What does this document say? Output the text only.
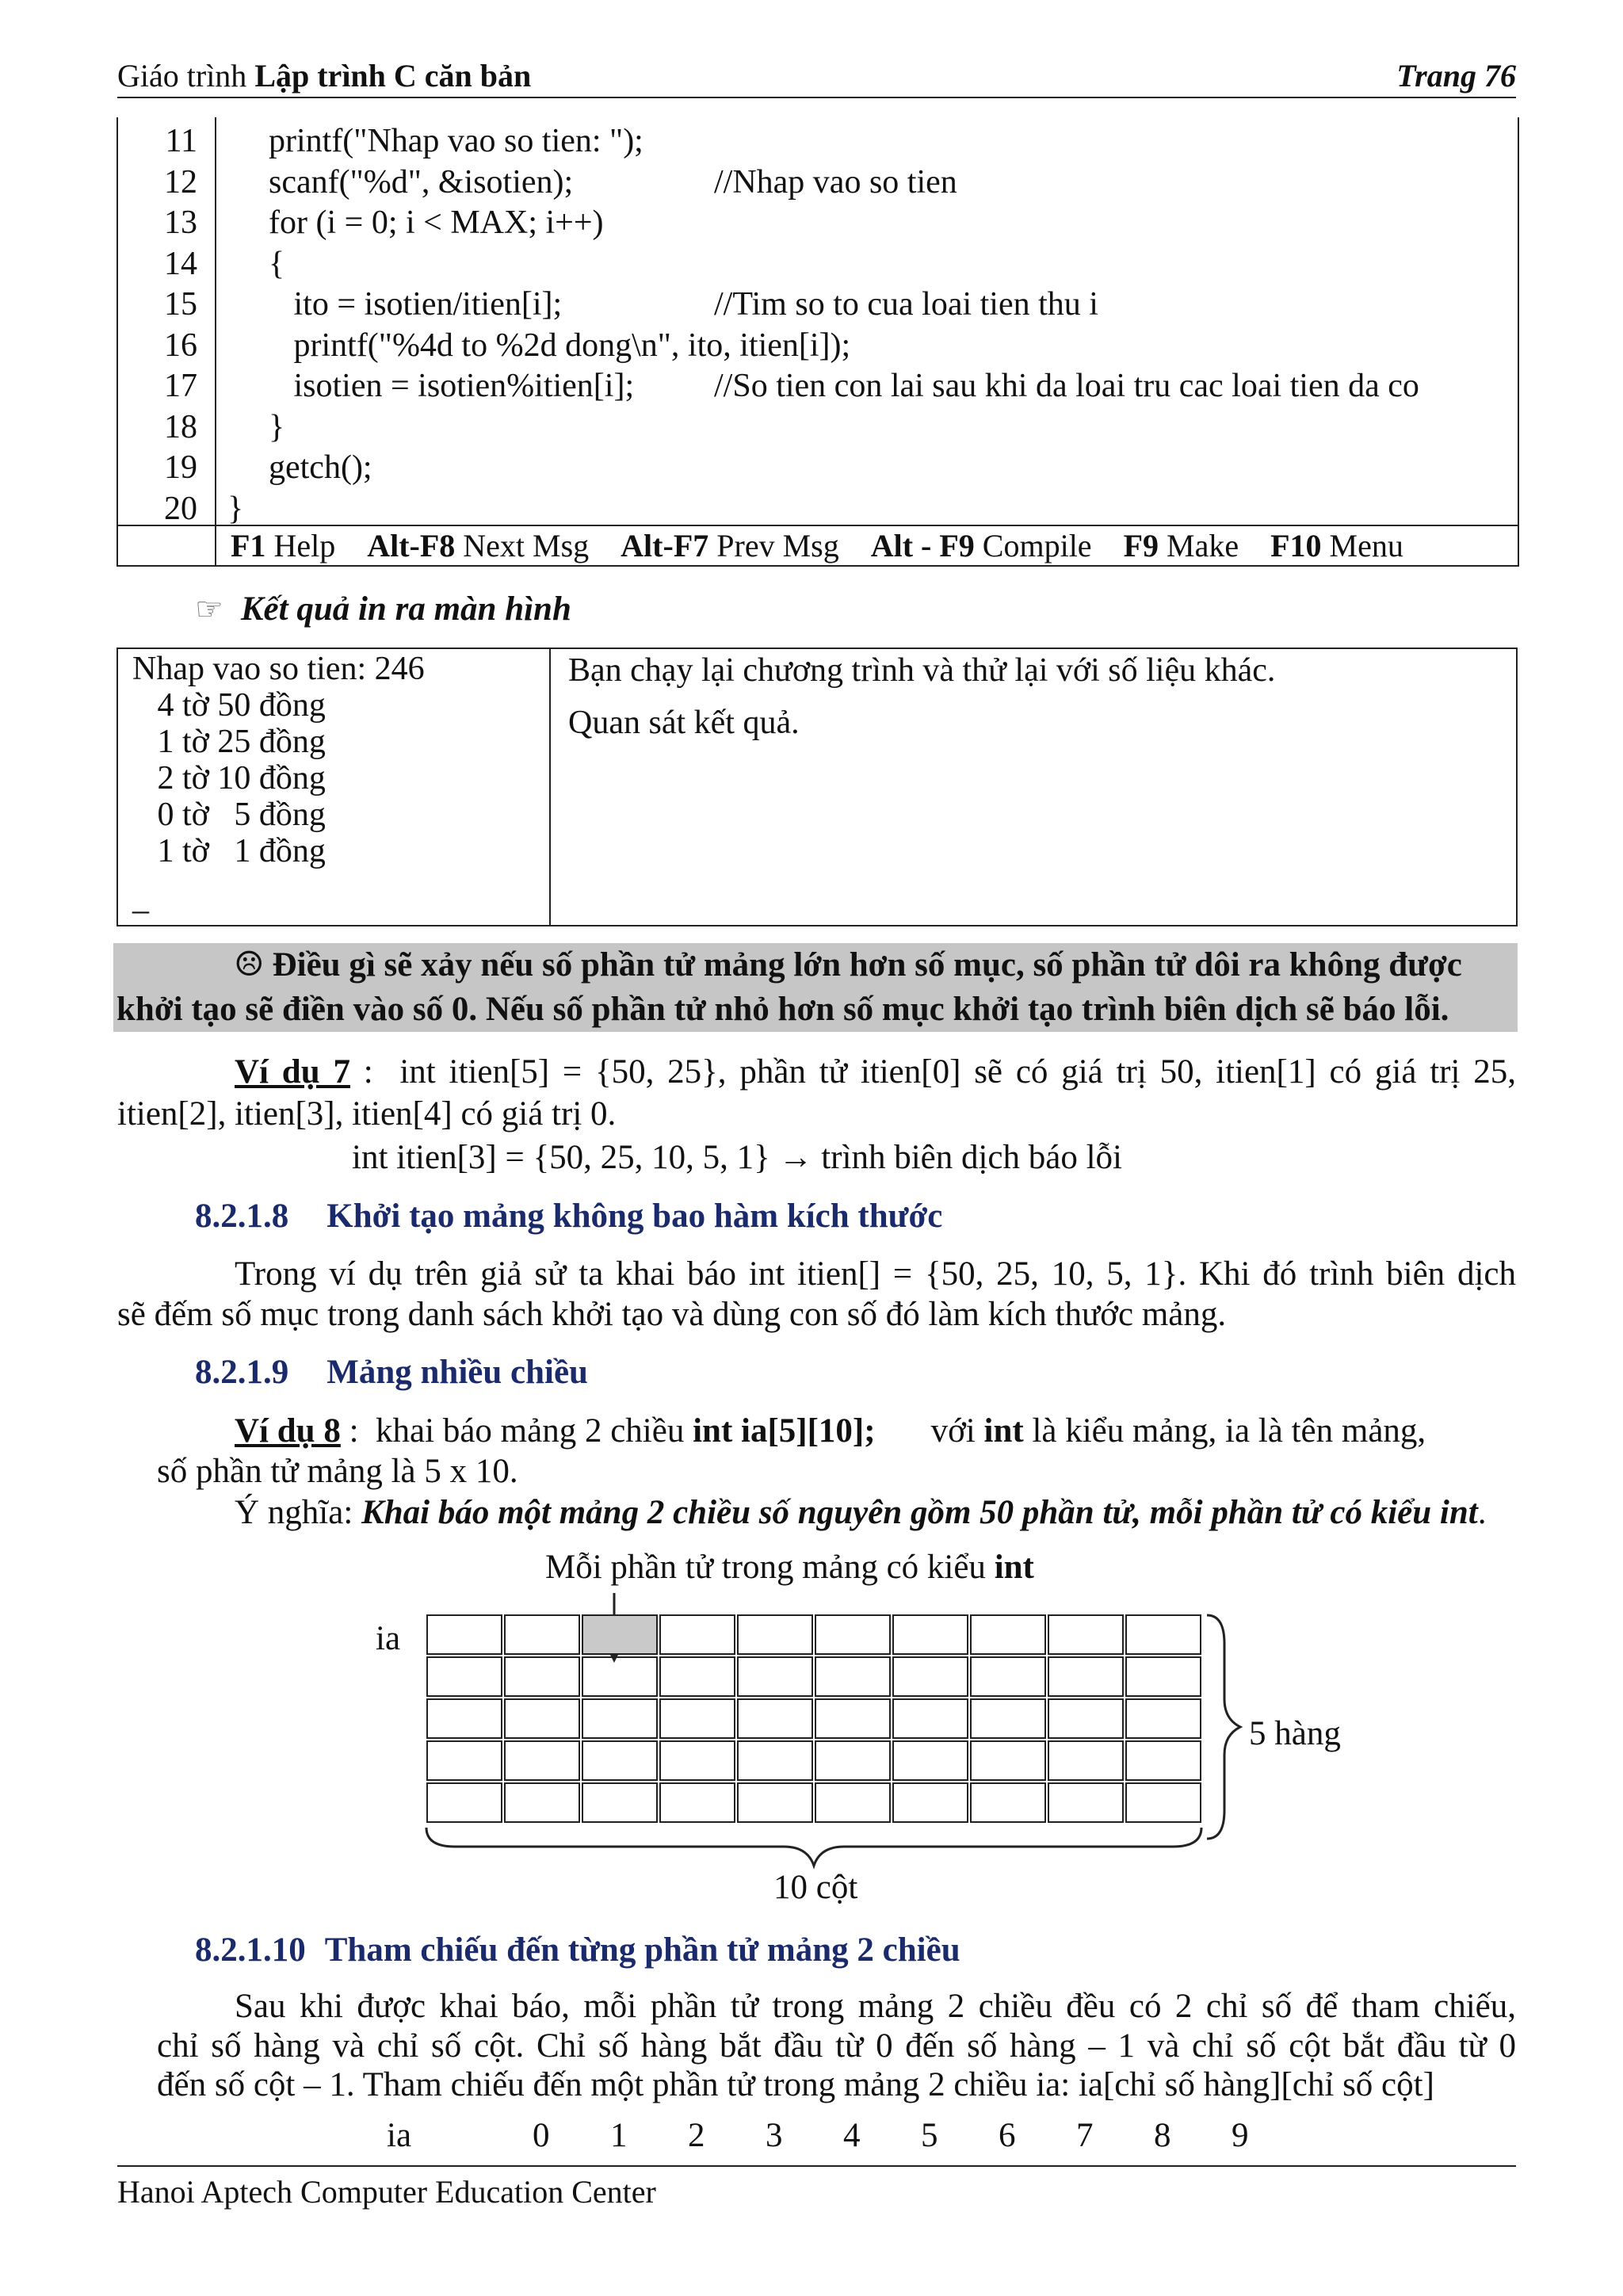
Giáo trình Lập trình C căn bản	Trang 76
11 printf("Nhap vao so tien: ");
12 scanf("%d", &isotien);	//Nhap vao so tien
13 for (i = 0; i < MAX; i++)
14 {
15 ito = isotien/itien[i];	//Tim so to cua loai tien thu i
16 printf("%4d to %2d dong\n", ito, itien[i]);
17 isotien = isotien%itien[i]; //So tien con lai sau khi da loai tru cac loai tien da co
18 }
19 getch();
20 }
F1 Help Alt-F8 Next Msg Alt-F7 Prev Msg Alt - F9 Compile F9 Make F10 Menu
☞ Kết quả in ra màn hình
Nhap vao so tien: 246
4 tờ 50 đồng
1 tờ 25 đồng
2 tờ 10 đồng
0 tờ   5 đồng
1 tờ   1 đồng
_
Bạn chạy lại chương trình và thử lại với số liệu khác.
Quan sát kết quả.

☹ Điều gì sẽ xảy nếu số phần tử mảng lớn hơn số mục, số phần tử dôi ra không được

khởi tạo sẽ điền vào số 0. Nếu số phần tử nhỏ hơn số mục khởi tạo trình biên dịch sẽ báo lỗi.

Ví dụ 7 : int itien[5] = {50, 25}, phần tử itien[0] sẽ có giá trị 50, itien[1] có giá trị 25,
itien[2], itien[3], itien[4] có giá trị 0.
int itien[3] = {50, 25, 10, 5, 1} → trình biên dịch báo lỗi
8.2.1.8 Khởi tạo mảng không bao hàm kích thước
Trong ví dụ trên giả sử ta khai báo int itien[] = {50, 25, 10, 5, 1}. Khi đó trình biên dịch
sẽ đếm số mục trong danh sách khởi tạo và dùng con số đó làm kích thước mảng.
8.2.1.9 Mảng nhiều chiều
Ví dụ 8 : khai báo mảng 2 chiều int ia[5][10]; với int là kiểu mảng, ia là tên mảng,
số phần tử mảng là 5 x 10.
Ý nghĩa: Khai báo một mảng 2 chiều số nguyên gồm 50 phần tử, mỗi phần tử có kiểu int.
Mỗi phần tử trong mảng có kiểu int
ia
5 hàng
10 cột
8.2.1.10 Tham chiếu đến từng phần tử mảng 2 chiều
Sau khi được khai báo, mỗi phần tử trong mảng 2 chiều đều có 2 chỉ số để tham chiếu,
chỉ số hàng và chỉ số cột. Chỉ số hàng bắt đầu từ 0 đến số hàng – 1 và chỉ số cột bắt đầu từ 0
đến số cột – 1. Tham chiếu đến một phần tử trong mảng 2 chiều ia: ia[chỉ số hàng][chỉ số cột]
ia	0 1 2 3 4 5 6 7 8 9
Hanoi Aptech Computer Education Center
